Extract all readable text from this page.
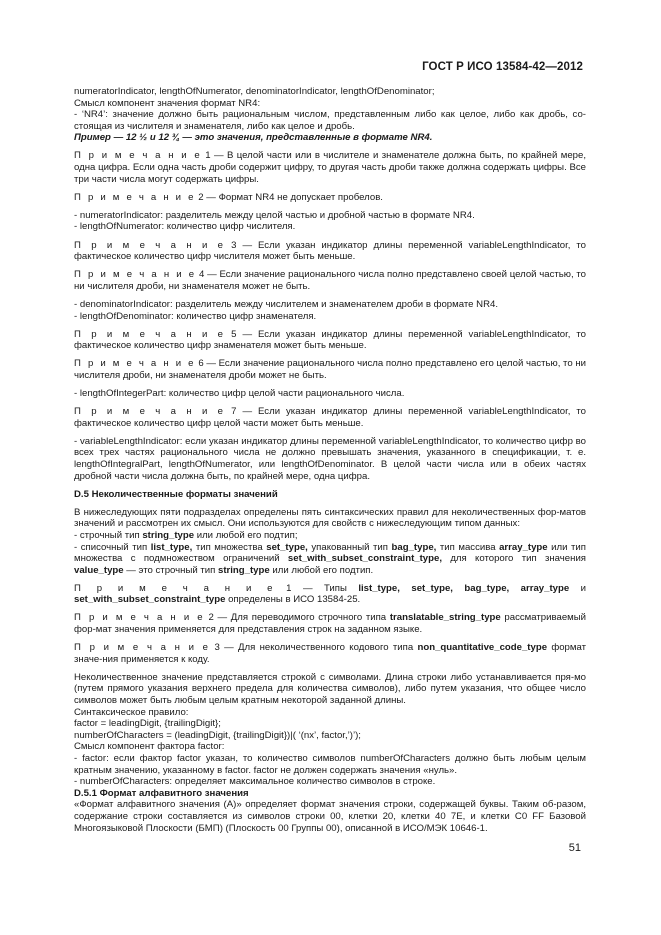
ГОСТ Р ИСО 13584-42—2012

numeratorIndicator, lengthOfNumerator, denominatorIndicator, lengthOfDenominator;

Смысл компонент значения формат NR4:

- ‘NR4’: значение должно быть рациональным числом, представленным либо как целое, либо как дробь, со-стоящая из числителя и знаменателя, либо как целое и дробь.

Пример — 12 ½ и 12 ¾ — это значения, представленные в формате NR4.

П р и м е ч а н и е 1 — В целой части или в числителе и знаменателе должна быть, по крайней мере, одна цифра. Если одна часть дроби содержит цифру, то другая часть дроби также должна содержать цифры. Все три части числа могут содержать цифры.

П р и м е ч а н и е 2 — Формат NR4 не допускает пробелов.

- numeratorIndicator: разделитель между целой частью и дробной частью в формате NR4.

- lengthOfNumerator: количество цифр числителя.

П р и м е ч а н и е 3 — Если указан индикатор длины переменной variableLengthIndicator, то фактическое количество цифр числителя может быть меньше.

П р и м е ч а н и е 4 — Если значение рационального числа полно представлено своей целой частью, то ни числителя дроби, ни знаменателя может не быть.

- denominatorIndicator: разделитель между числителем и знаменателем дроби в формате NR4.

- lengthOfDenominator: количество цифр знаменателя.

П р и м е ч а н и е 5 — Если указан индикатор длины переменной variableLengthIndicator, то фактическое количество цифр знаменателя может быть меньше.

П р и м е ч а н и е 6 — Если значение рационального числа полно представлено его целой частью, то ни числителя дроби, ни знаменателя дроби может не быть.

- lengthOfIntegerPart: количество цифр целой части рационального числа.

П р и м е ч а н и е 7 — Если указан индикатор длины переменной variableLengthIndicator, то фактическое количество цифр целой части может быть меньше.

- variableLengthIndicator: если указан индикатор длины переменной variableLengthIndicator, то количество цифр во всех трех частях рационального числа не должно превышать значения, указанного в спецификации, т. е. lengthOfIntegralPart, lengthOfNumerator, или lengthOfDenominator. В целой части числа или в обеих частях дробной части числа должна быть, по крайней мере, одна цифра.

D.5 Неколичественные форматы значений

В нижеследующих пяти подразделах определены пять синтаксических правил для неколичественных фор-матов значений и рассмотрен их смысл. Они используются для свойств с нижеследующим типом данных:

- строчный тип string_type или любой его подтип;

- списочный тип list_type, тип множества set_type, упакованный тип bag_type, тип массива array_type или тип множества с подмножеством ограничений set_with_subset_constraint_type, для которого тип значения value_type — это строчный тип string_type или любой его подтип.

П р и м е ч а н и е 1 — Типы list_type, set_type, bag_type, array_type и set_with_subset_constraint_type определены в ИСО 13584-25.

П р и м е ч а н и е 2 — Для переводимого строчного типа translatable_string_type рассматриваемый фор-мат значения применяется для представления строк на заданном языке.

П р и м е ч а н и е 3 — Для неколичественного кодового типа non_quantitative_code_type формат значе-ния применяется к коду.

Неколичественное значение представляется строкой с символами. Длина строки либо устанавливается пря-мо (путем прямого указания верхнего предела для количества символов), либо путем указания, что общее число символов может быть любым целым кратным некоторой заданной длины.

Синтаксическое правило:

factor = leadingDigit, {trailingDigit};

numberOfCharacters = (leadingDigit, {trailingDigit})|( ‘(nx’, factor,’)’);

Смысл компонент фактора factor:

- factor: если фактор factor указан, то количество символов numberOfCharacters должно быть любым целым кратным значению, указанному в factor. factor не должен содержать значения «нуль».

- numberOfCharacters: определяет максимальное количество символов в строке.

D.5.1 Формат алфавитного значения

«Формат алфавитного значения (А)» определяет формат значения строки, содержащей буквы. Таким об-разом, содержание строки составляется из символов строки 00, клетки 20, клетки 40 7E, и клетки C0 FF Базовой Многоязыковой Плоскости (БМП) (Плоскость 00 Группы 00), описанной в ИСО/МЭК 10646-1.

51
